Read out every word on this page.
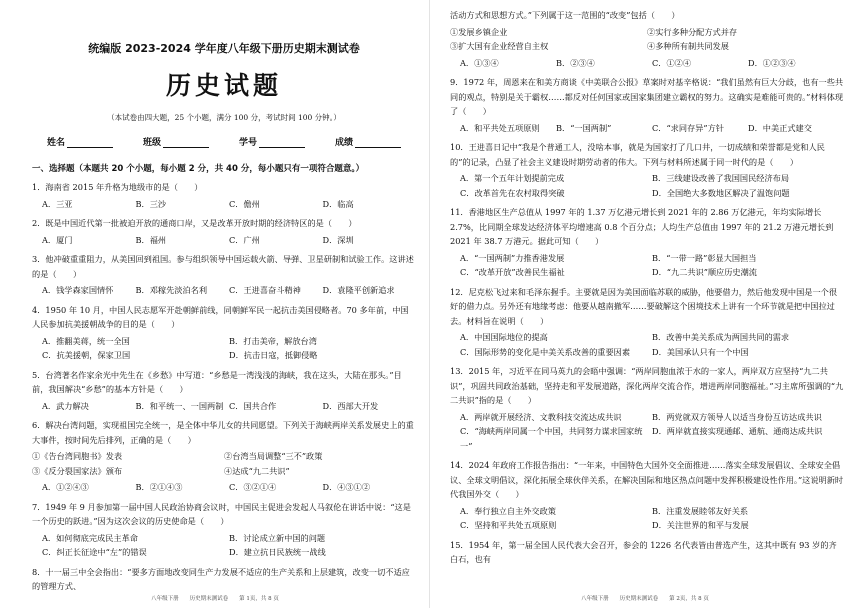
统编版 2023-2024 学年度八年级下册历史期末测试卷
历史试题
（本试卷由四大题，25 个小题，满分 100 分，考试时间 100 分钟。）
姓名	班级	学号	成绩
一、选择题（本题共 20 个小题，每小题 2 分，共 40 分，每小题只有一项符合题意。）
1．海南省 2015 年升格为地级市的是（　　）
A．三亚	B．三沙	C．儋州	D．临高
2．既是中国近代第一批被迫开放的通商口岸，又是改革开放时期的经济特区的是（　　）
A．厦门	B．福州	C．广州	D．深圳
3．他冲破重重阻力，从美国回到祖国。参与组织领导中国运载火箭、导弹、卫星研制和试验工作。这讲述的是（　　）
A．钱学森家国情怀	B．邓稼先淡泊名利	C．王进喜奋斗精神	D．袁隆平创新追求
4．1950 年 10 月，中国人民志愿军开赴朝鲜前线，同朝鲜军民一起抗击美国侵略者。70 多年前，中国人民参加抗美援朝战争的目的是（　　）
A．推翻美蒋，统一全国	B．打击美帝，解放台湾
C．抗美援朝，保家卫国	D．抗击日寇，抵御侵略
5．台湾著名作家余光中先生在《乡愁》中写道：“乡愁是一湾浅浅的海峡，我在这头，大陆在那头。”目前，我国解决“乡愁”的基本方针是（　　）
A．武力解决	B．和平统一、一国两制 C．国共合作	D．西部大开发
6．解决台湾问题，实现祖国完全统一，是全体中华儿女的共同愿望。下列关于海峡两岸关系发展史上的重大事件，按时间先后排列，正确的是（　　）
①《告台湾同胞书》发表	②台湾当局调整“三不”政策
③《反分裂国家法》颁布	④达成“九二共识”
A．①②④③	B．②①④③	C．③②①④	D．④③①②
7．1949 年 9 月参加第一届中国人民政治协商会议时，中国民主促进会发起人马叙伦在讲话中说：“这是一个历史的跃进。”因为这次会议的历史使命是（　　）
A．如何彻底完成民主革命	B．讨论成立新中国的问题
C．纠正长征途中“左”的错误	D．建立抗日民族统一战线
8．十一届三中全会指出：“要多方面地改变同生产力发展不适应的生产关系和上层建筑，改变一切不适应的管理方式、
八年级下册　　历史期末测试卷　　第 1页，共 8 页
活动方式和思想方式。”下列属于这一范围的“改变”包括（　　）
①发展乡镇企业	②实行多种分配方式并存
③扩大国有企业经营自主权	④多种所有制共同发展
A．①③④	B．②③④	C．①②④	D．①②③④
9．1972 年，周恩来在和美方商谈《中美联合公报》草案时对基辛格说：“我们虽然有巨大分歧，也有一些共同的观点，特别是关于霸权……都反对任何国家或国家集团建立霸权的努力。这确实是难能可贵的。”材料体现了（　　）
A．和平共处五项原则	B．“一国两制”	C．“求同存异”方针	D．中美正式建交
10．王进喜日记中“我是个普通工人，没啥本事，就是为国家打了几口井，一切成绩和荣誉都是党和人民的”的记录，凸显了社会主义建设时期劳动者的伟大。下列与材料所述属于同一时代的是（　　）
A．第一个五年计划提前完成	B．三线建设改善了我国国民经济布局
C．改革首先在农村取得突破	D．全国绝大多数地区解决了温饱问题
11．香港地区生产总值从 1997 年的 1.37 万亿港元增长到 2021 年的 2.86 万亿港元，年均实际增长 2.7%，比同期全球发达经济体平均增速高 0.8 个百分点；人均生产总值由 1997 年的 21.2 万港元增长到 2021 年 38.7 万港元。据此可知（　　）
A．“一国两制”力推香港发展	B．“一带一路”彰显大国担当
C．“改革开放”改善民生福祉	D．“九二共识”顺应历史潮流
12．尼克松飞过来和毛泽东握手。主要就是因为美国面临苏联的威胁，他要借力，然后他发现中国是一个很好的借力点。另外还有地缘考虑：他要从越南撤军……要破解这个困境技术上讲有一个环节就是把中国拉过去。材料旨在说明（　　）
A．中国国际地位的提高	B．改善中美关系成为两国共同的需求
C．国际形势的变化是中美关系改善的重要因素	D．美国承认只有一个中国
13．2015 年，习近平在同马英九的会晤中强调：“两岸同胞血浓于水的一家人，两岸双方应坚持“九二共识”，巩固共同政治基础，坚持走和平发展道路，深化两岸交流合作，增进两岸同胞福祉。”习主席所强调的“九二共识”指的是（　　）
A．两岸就开展经济、文教科技交流达成共识	B．两党就双方领导人以适当身份互访达成共识
C．“海峡两岸同属一个中国，共同努力谋求国家统一”
D．两岸就直接实现通邮、通航、通商达成共识
14．2024 年政府工作报告指出：“一年来，中国特色大国外交全面推进……落实全球发展倡议、全球安全倡议、全球文明倡议，深化拓展全球伙伴关系，在解决国际和地区热点问题中发挥积极建设性作用。”这说明新时代我国外交（　　）
A．奉行独立自主外交政策	B．注重发展睦邻友好关系
C．坚持和平共处五项原则	D．关注世界的和平与发展
15．1954 年，第一届全国人民代表大会召开，参会的 1226 名代表皆由普选产生，这其中既有 93 岁的齐白石，也有
八年级下册　　历史期末测试卷　　第 2页，共 8 页
